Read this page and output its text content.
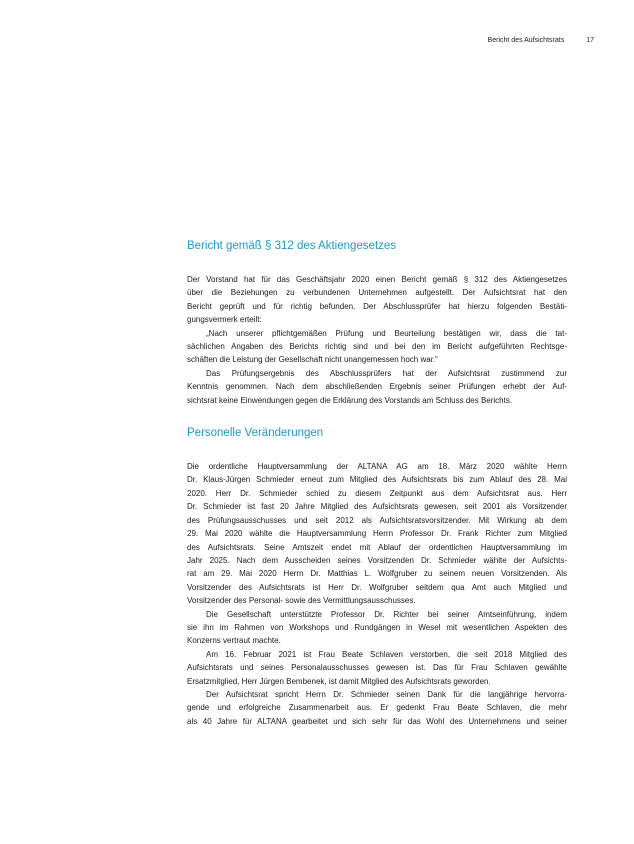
Bericht des Aufsichtsrats	17
Bericht gemäß § 312 des Aktiengesetzes
Der Vorstand hat für das Geschäftsjahr 2020 einen Bericht gemäß § 312 des Aktiengesetzes
über die Beziehungen zu verbundenen Unternehmen aufgestellt. Der Aufsichtsrat hat den
Bericht geprüft und für richtig befunden. Der Abschlussprüfer hat hierzu folgenden Bestäti-
gungsvermerk erteilt:
„Nach unserer pflichtgemäßen Prüfung und Beurteilung bestätigen wir, dass die tat-
sächlichen Angaben des Berichts richtig sind und bei den im Bericht aufgeführten Rechtsge-
schäften die Leistung der Gesellschaft nicht unangemessen hoch war.“
Das Prüfungsergebnis des Abschlussprüfers hat der Aufsichtsrat zustimmend zur
Kenntnis genommen. Nach dem abschließenden Ergebnis seiner Prüfungen erhebt der Auf-
sichtsrat keine Einwendungen gegen die Erklärung des Vorstands am Schluss des Berichts.
Personelle Veränderungen
Die ordentliche Hauptversammlung der ALTANA AG am 18. März 2020 wählte Herrn
Dr. Klaus-Jürgen Schmieder erneut zum Mitglied des Aufsichtsrats bis zum Ablauf des 28. Mai
2020. Herr Dr. Schmieder schied zu diesem Zeitpunkt aus dem Aufsichtsrat aus. Herr
Dr. Schmieder ist fast 20 Jahre Mitglied des Aufsichtsrats gewesen, seit 2001 als Vorsitzender
des Prüfungsausschusses und seit 2012 als Aufsichtsratsvorsitzender. Mit Wirkung ab dem
29. Mai 2020 wählte die Hauptversammlung Herrn Professor Dr. Frank Richter zum Mitglied
des Aufsichtsrats. Seine Amtszeit endet mit Ablauf der ordentlichen Hauptversammlung im
Jahr 2025. Nach dem Ausscheiden seines Vorsitzenden Dr. Schmieder wählte der Aufsichts-
rat am 29. Mai 2020 Herrn Dr. Matthias L. Wolfgruber zu seinem neuen Vorsitzenden. Als
Vorsitzender des Aufsichtsrats ist Herr Dr. Wolfgruber seitdem qua Amt auch Mitglied und
Vorsitzender des Personal- sowie des Vermittlungsausschusses.
Die Gesellschaft unterstützte Professor Dr. Richter bei seiner Amtseinführung, indem
sie ihn im Rahmen von Workshops und Rundgängen in Wesel mit wesentlichen Aspekten des
Konzerns vertraut machte.
Am 16. Februar 2021 ist Frau Beate Schlaven verstorben, die seit 2018 Mitglied des
Aufsichtsrats und seines Personalausschusses gewesen ist. Das für Frau Schlaven gewählte
Ersatzmitglied, Herr Jürgen Bembenek, ist damit Mitglied des Aufsichtsrats geworden.
Der Aufsichtsrat spricht Herrn Dr. Schmieder seinen Dank für die langjährige hervorra-
gende und erfolgreiche Zusammenarbeit aus. Er gedenkt Frau Beate Schlaven, die mehr
als 40 Jahre für ALTANA gearbeitet und sich sehr für das Wohl des Unternehmens und seiner
